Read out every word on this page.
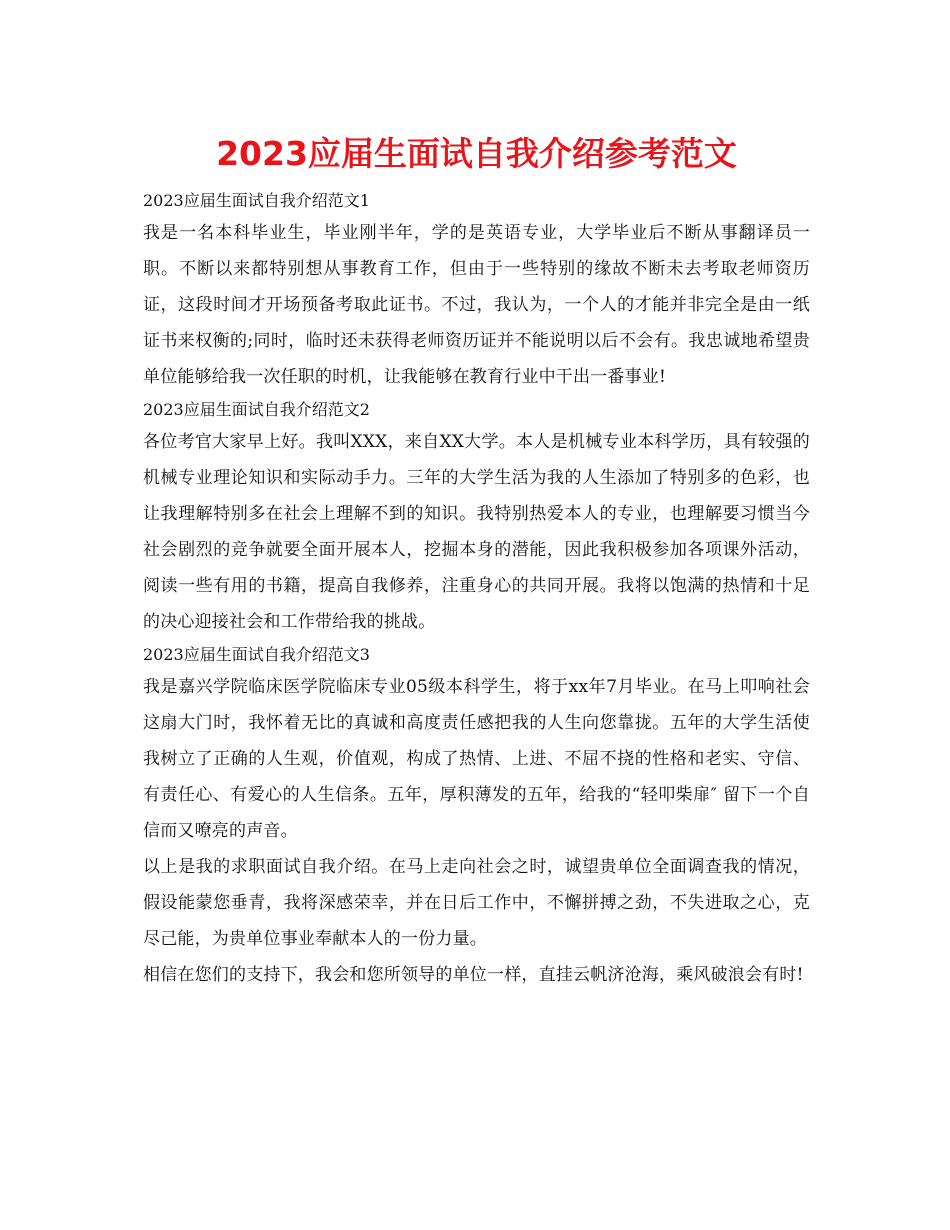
2023应届生面试自我介绍参考范文

2023应届生面试自我介绍范文1

我是一名本科毕业生，毕业刚半年，学的是英语专业，大学毕业后不断从事翻译员一职。不断以来都特别想从事教育工作，但由于一些特别的缘故不断未去考取老师资历证，这段时间才开场预备考取此证书。不过，我认为，一个人的才能并非完全是由一纸证书来权衡的;同时，临时还未获得老师资历证并不能说明以后不会有。我忠诚地希望贵单位能够给我一次任职的时机，让我能够在教育行业中干出一番事业!

2023应届生面试自我介绍范文2

各位考官大家早上好。我叫XXX，来自XX大学。本人是机械专业本科学历，具有较强的机械专业理论知识和实际动手力。三年的大学生活为我的人生添加了特别多的色彩，也让我理解特别多在社会上理解不到的知识。我特别热爱本人的专业，也理解要习惯当今社会剧烈的竞争就要全面开展本人，挖掘本身的潜能，因此我积极参加各项课外活动，阅读一些有用的书籍，提高自我修养，注重身心的共同开展。我将以饱满的热情和十足的决心迎接社会和工作带给我的挑战。

2023应届生面试自我介绍范文3

我是嘉兴学院临床医学院临床专业05级本科学生，将于xx年7月毕业。在马上叩响社会这扇大门时，我怀着无比的真诚和高度责任感把我的人生向您靠拢。五年的大学生活使我树立了正确的人生观，价值观，构成了热情、上进、不屈不挠的性格和老实、守信、有责任心、有爱心的人生信条。五年，厚积薄发的五年，给我的“轻叩柴扉″ 留下一个自信而又嘹亮的声音。

以上是我的求职面试自我介绍。在马上走向社会之时，诚望贵单位全面调查我的情况，假设能蒙您垂青，我将深感荣幸，并在日后工作中，不懈拼搏之劲，不失进取之心，克尽己能，为贵单位事业奉献本人的一份力量。

相信在您们的支持下，我会和您所领导的单位一样，直挂云帆济沧海，乘风破浪会有时!
